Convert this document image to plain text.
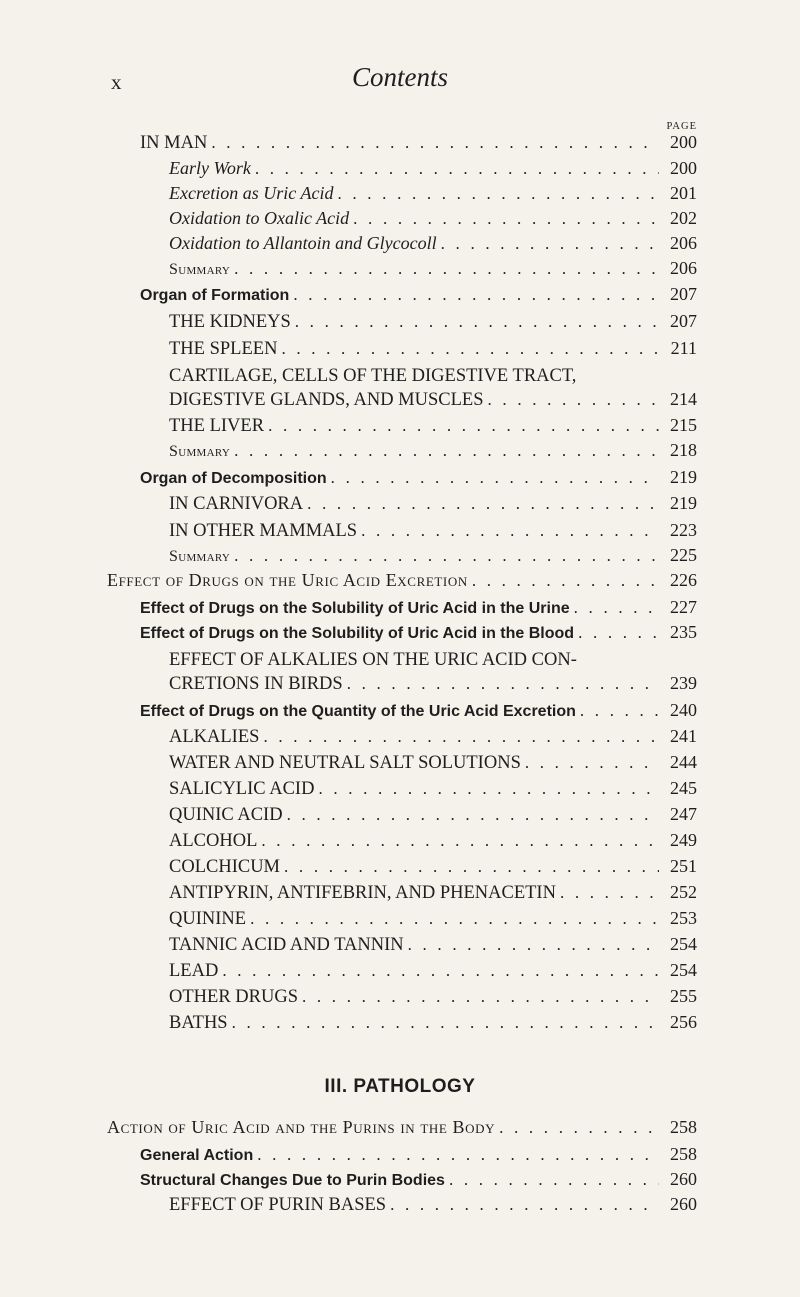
x	Contents
PAGE
IN MAN . . .	200
Early Work . . .	200
Excretion as Uric Acid . . .	201
Oxidation to Oxalic Acid . . .	202
Oxidation to Allantoin and Glycocoll . . .	206
Summary . . .	206
Organ of Formation . . .	207
THE KIDNEYS . . .	207
THE SPLEEN . . .	211
CARTILAGE, CELLS OF THE DIGESTIVE TRACT,
DIGESTIVE GLANDS, AND MUSCLES . . .	214
THE LIVER . . .	215
Summary . . .	218
Organ of Decomposition . . .	219
IN CARNIVORA . . .	219
IN OTHER MAMMALS . . .	223
Summary . . .	225
Effect of Drugs on the Uric Acid Excretion . . .	226
Effect of Drugs on the Solubility of Uric Acid in the Urine . . .	227
Effect of Drugs on the Solubility of Uric Acid in the Blood . . .	235
EFFECT OF ALKALIES ON THE URIC ACID CON-
CRETIONS IN BIRDS . . .	239
Effect of Drugs on the Quantity of the Uric Acid Excretion . . .	240
ALKALIES . . .	241
WATER AND NEUTRAL SALT SOLUTIONS . . .	244
SALICYLIC ACID . . .	245
QUINIC ACID . . .	247
ALCOHOL . . .	249
COLCHICUM . . .	251
ANTIPYRIN, ANTIFEBRIN, AND PHENACETIN . . .	252
QUININE . . .	253
TANNIC ACID AND TANNIN . . .	254
LEAD . . .	254
OTHER DRUGS . . .	255
BATHS . . .	256
III. PATHOLOGY
Action of Uric Acid and the Purins in the Body . . .	258
General Action . . .	258
Structural Changes Due to Purin Bodies . . .	260
EFFECT OF PURIN BASES . . .	260
